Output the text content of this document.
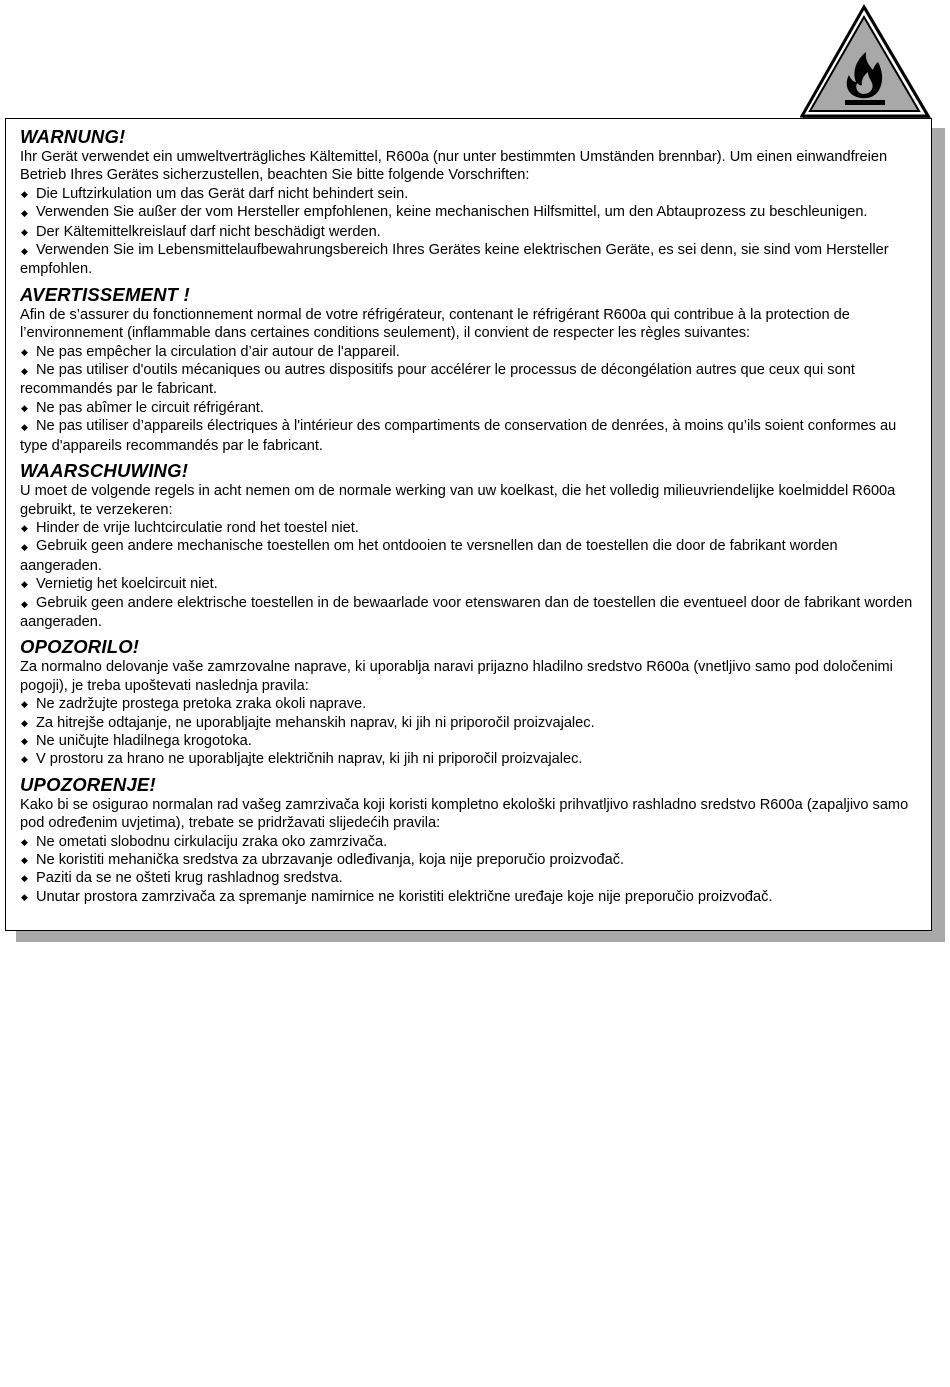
WARNUNG!

Ihr Gerät verwendet ein umweltverträgliches Kältemittel, R600a (nur unter bestimmten Umständen brennbar). Um einen einwandfreien Betrieb Ihres Gerätes sicherzustellen, beachten Sie bitte folgende Vorschriften:

◆ Die Luftzirkulation um das Gerät darf nicht behindert sein.
◆ Verwenden Sie außer der vom Hersteller empfohlenen, keine mechanischen Hilfsmittel, um den Abtauprozess zu beschleunigen.
◆ Der Kältemittelkreislauf darf nicht beschädigt werden.
◆ Verwenden Sie im Lebensmittelaufbewahrungsbereich Ihres Gerätes keine elektrischen Geräte, es sei denn, sie sind vom Hersteller empfohlen.
AVERTISSEMENT !

Afin de s’assurer du fonctionnement normal de votre réfrigérateur, contenant le réfrigérant R600a qui contribue à la protection de l’environnement (inflammable dans certaines conditions seulement), il convient de respecter les règles suivantes:

◆ Ne pas empêcher la circulation d’air autour de l'appareil.
◆ Ne pas utiliser d'outils mécaniques ou autres dispositifs pour accélérer le processus de décongélation autres que ceux qui sont recommandés par le fabricant.
◆ Ne pas abîmer le circuit réfrigérant.
◆ Ne pas utiliser d’appareils électriques à l'intérieur des compartiments de conservation de denrées, à moins qu’ils soient conformes au type d'appareils recommandés par le fabricant.
WAARSCHUWING!

U moet de volgende regels in acht nemen om de normale werking van uw koelkast, die het volledig milieuvriendelijke koelmiddel R600a gebruikt, te verzekeren:

◆ Hinder de vrije luchtcirculatie rond het toestel niet.
◆ Gebruik geen andere mechanische toestellen om het ontdooien te versnellen dan de toestellen die door de fabrikant worden aangeraden.
◆ Vernietig het koelcircuit niet.
◆ Gebruik geen andere elektrische toestellen in de bewaarlade voor etenswaren dan de toestellen die eventueel door de fabrikant worden aangeraden.
OPOZORILO!

Za normalno delovanje vaše zamrzovalne naprave, ki uporablja naravi prijazno hladilno sredstvo R600a (vnetljivo samo pod določenimi pogoji), je treba upoštevati naslednja pravila:

◆ Ne zadržujte prostega pretoka zraka okoli naprave.
◆ Za hitrejše odtajanje, ne uporabljajte mehanskih naprav, ki jih ni priporočil proizvajalec.
◆ Ne uničujte hladilnega krogotoka.
◆ V prostoru za hrano ne uporabljajte električnih naprav, ki jih ni priporočil proizvajalec.
UPOZORENJE!

Kako bi se osigurao normalan rad vašeg zamrzivača koji koristi kompletno ekološki prihvatljivo rashladno sredstvo R600a (zapaljivo samo pod određenim uvjetima), trebate se pridržavati slijedećih pravila:

◆ Ne ometati slobodnu cirkulaciju zraka oko zamrzivača.
◆ Ne koristiti mehanička sredstva za ubrzavanje odleđivanja, koja nije preporučio proizvođač.
◆ Paziti da se ne ošteti krug rashladnog sredstva.
◆ Unutar prostora zamrzivača za spremanje namirnice ne koristiti električne uređaje koje nije preporučio proizvođač.
